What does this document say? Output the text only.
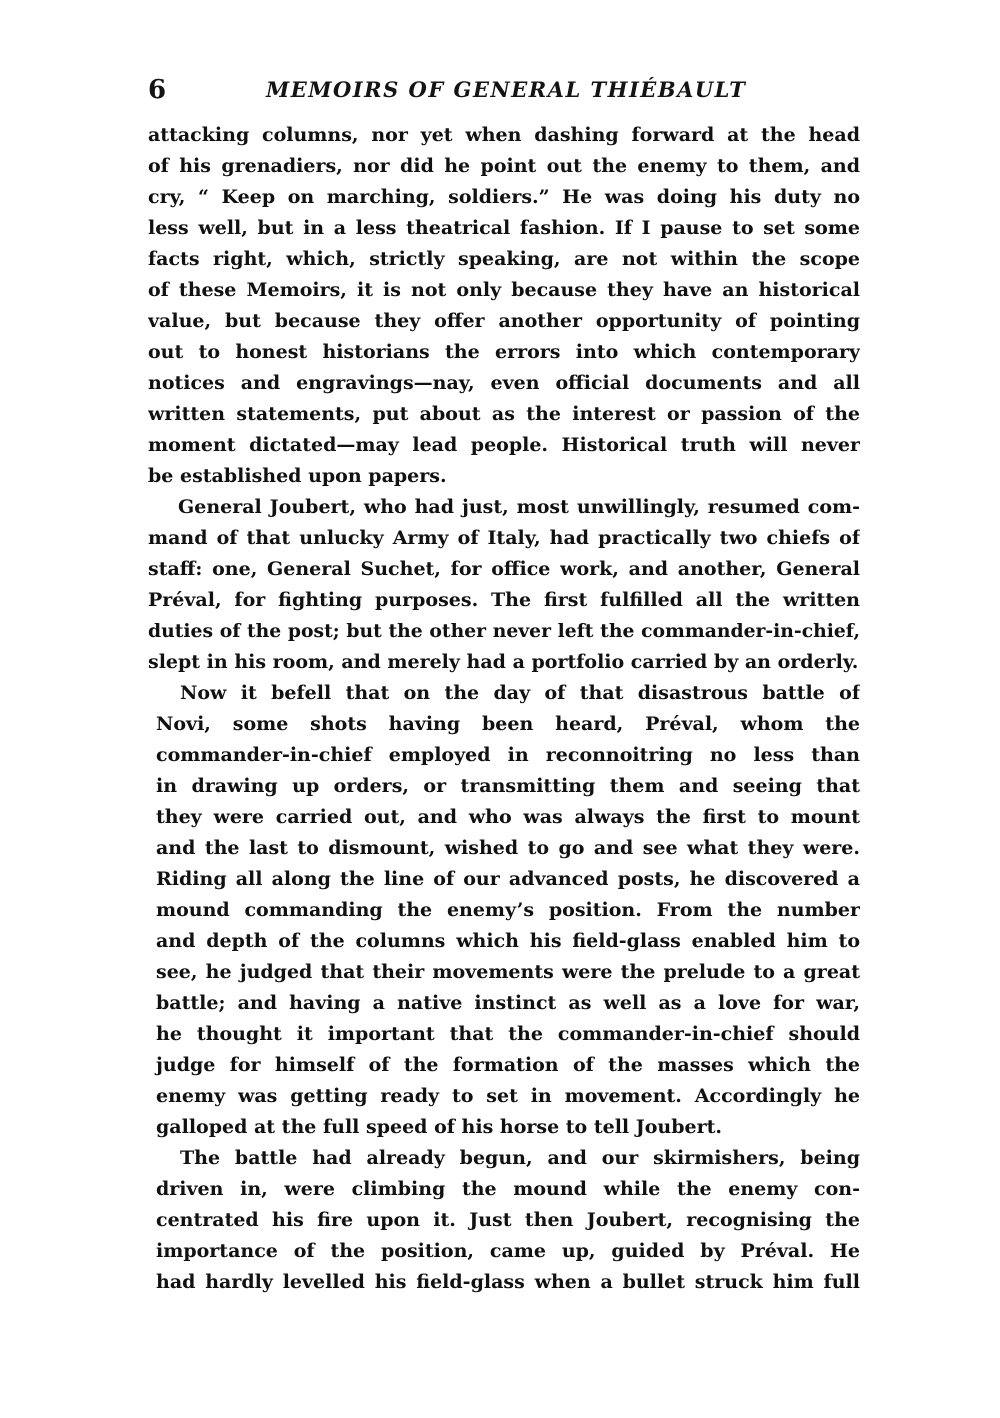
6	MEMOIRS OF GENERAL THIÉBAULT
attacking columns, nor yet when dashing forward at the head
of his grenadiers, nor did he point out the enemy to them, and
cry, “ Keep on marching, soldiers.” He was doing his duty no
less well, but in a less theatrical fashion. If I pause to set some
facts right, which, strictly speaking, are not within the scope
of these Memoirs, it is not only because they have an historical
value, but because they offer another opportunity of pointing
out to honest historians the errors into which contemporary
notices and engravings—nay, even official documents and all
written statements, put about as the interest or passion of the
moment dictated—may lead people. Historical truth will never
be established upon papers.
General Joubert, who had just, most unwillingly, resumed com-
mand of that unlucky Army of Italy, had practically two chiefs of
staff: one, General Suchet, for office work, and another, General
Préval, for fighting purposes. The first fulfilled all the written
duties of the post; but the other never left the commander-in-chief,
slept in his room, and merely had a portfolio carried by an orderly.
Now it befell that on the day of that disastrous battle of
Novi, some shots having been heard, Préval, whom the
commander-in-chief employed in reconnoitring no less than
in drawing up orders, or transmitting them and seeing that
they were carried out, and who was always the first to mount
and the last to dismount, wished to go and see what they were.
Riding all along the line of our advanced posts, he discovered a
mound commanding the enemy’s position. From the number
and depth of the columns which his field-glass enabled him to
see, he judged that their movements were the prelude to a great
battle; and having a native instinct as well as a love for war,
he thought it important that the commander-in-chief should
judge for himself of the formation of the masses which the
enemy was getting ready to set in movement. Accordingly he
galloped at the full speed of his horse to tell Joubert.
The battle had already begun, and our skirmishers, being
driven in, were climbing the mound while the enemy con-
centrated his fire upon it. Just then Joubert, recognising the
importance of the position, came up, guided by Préval. He
had hardly levelled his field-glass when a bullet struck him full
